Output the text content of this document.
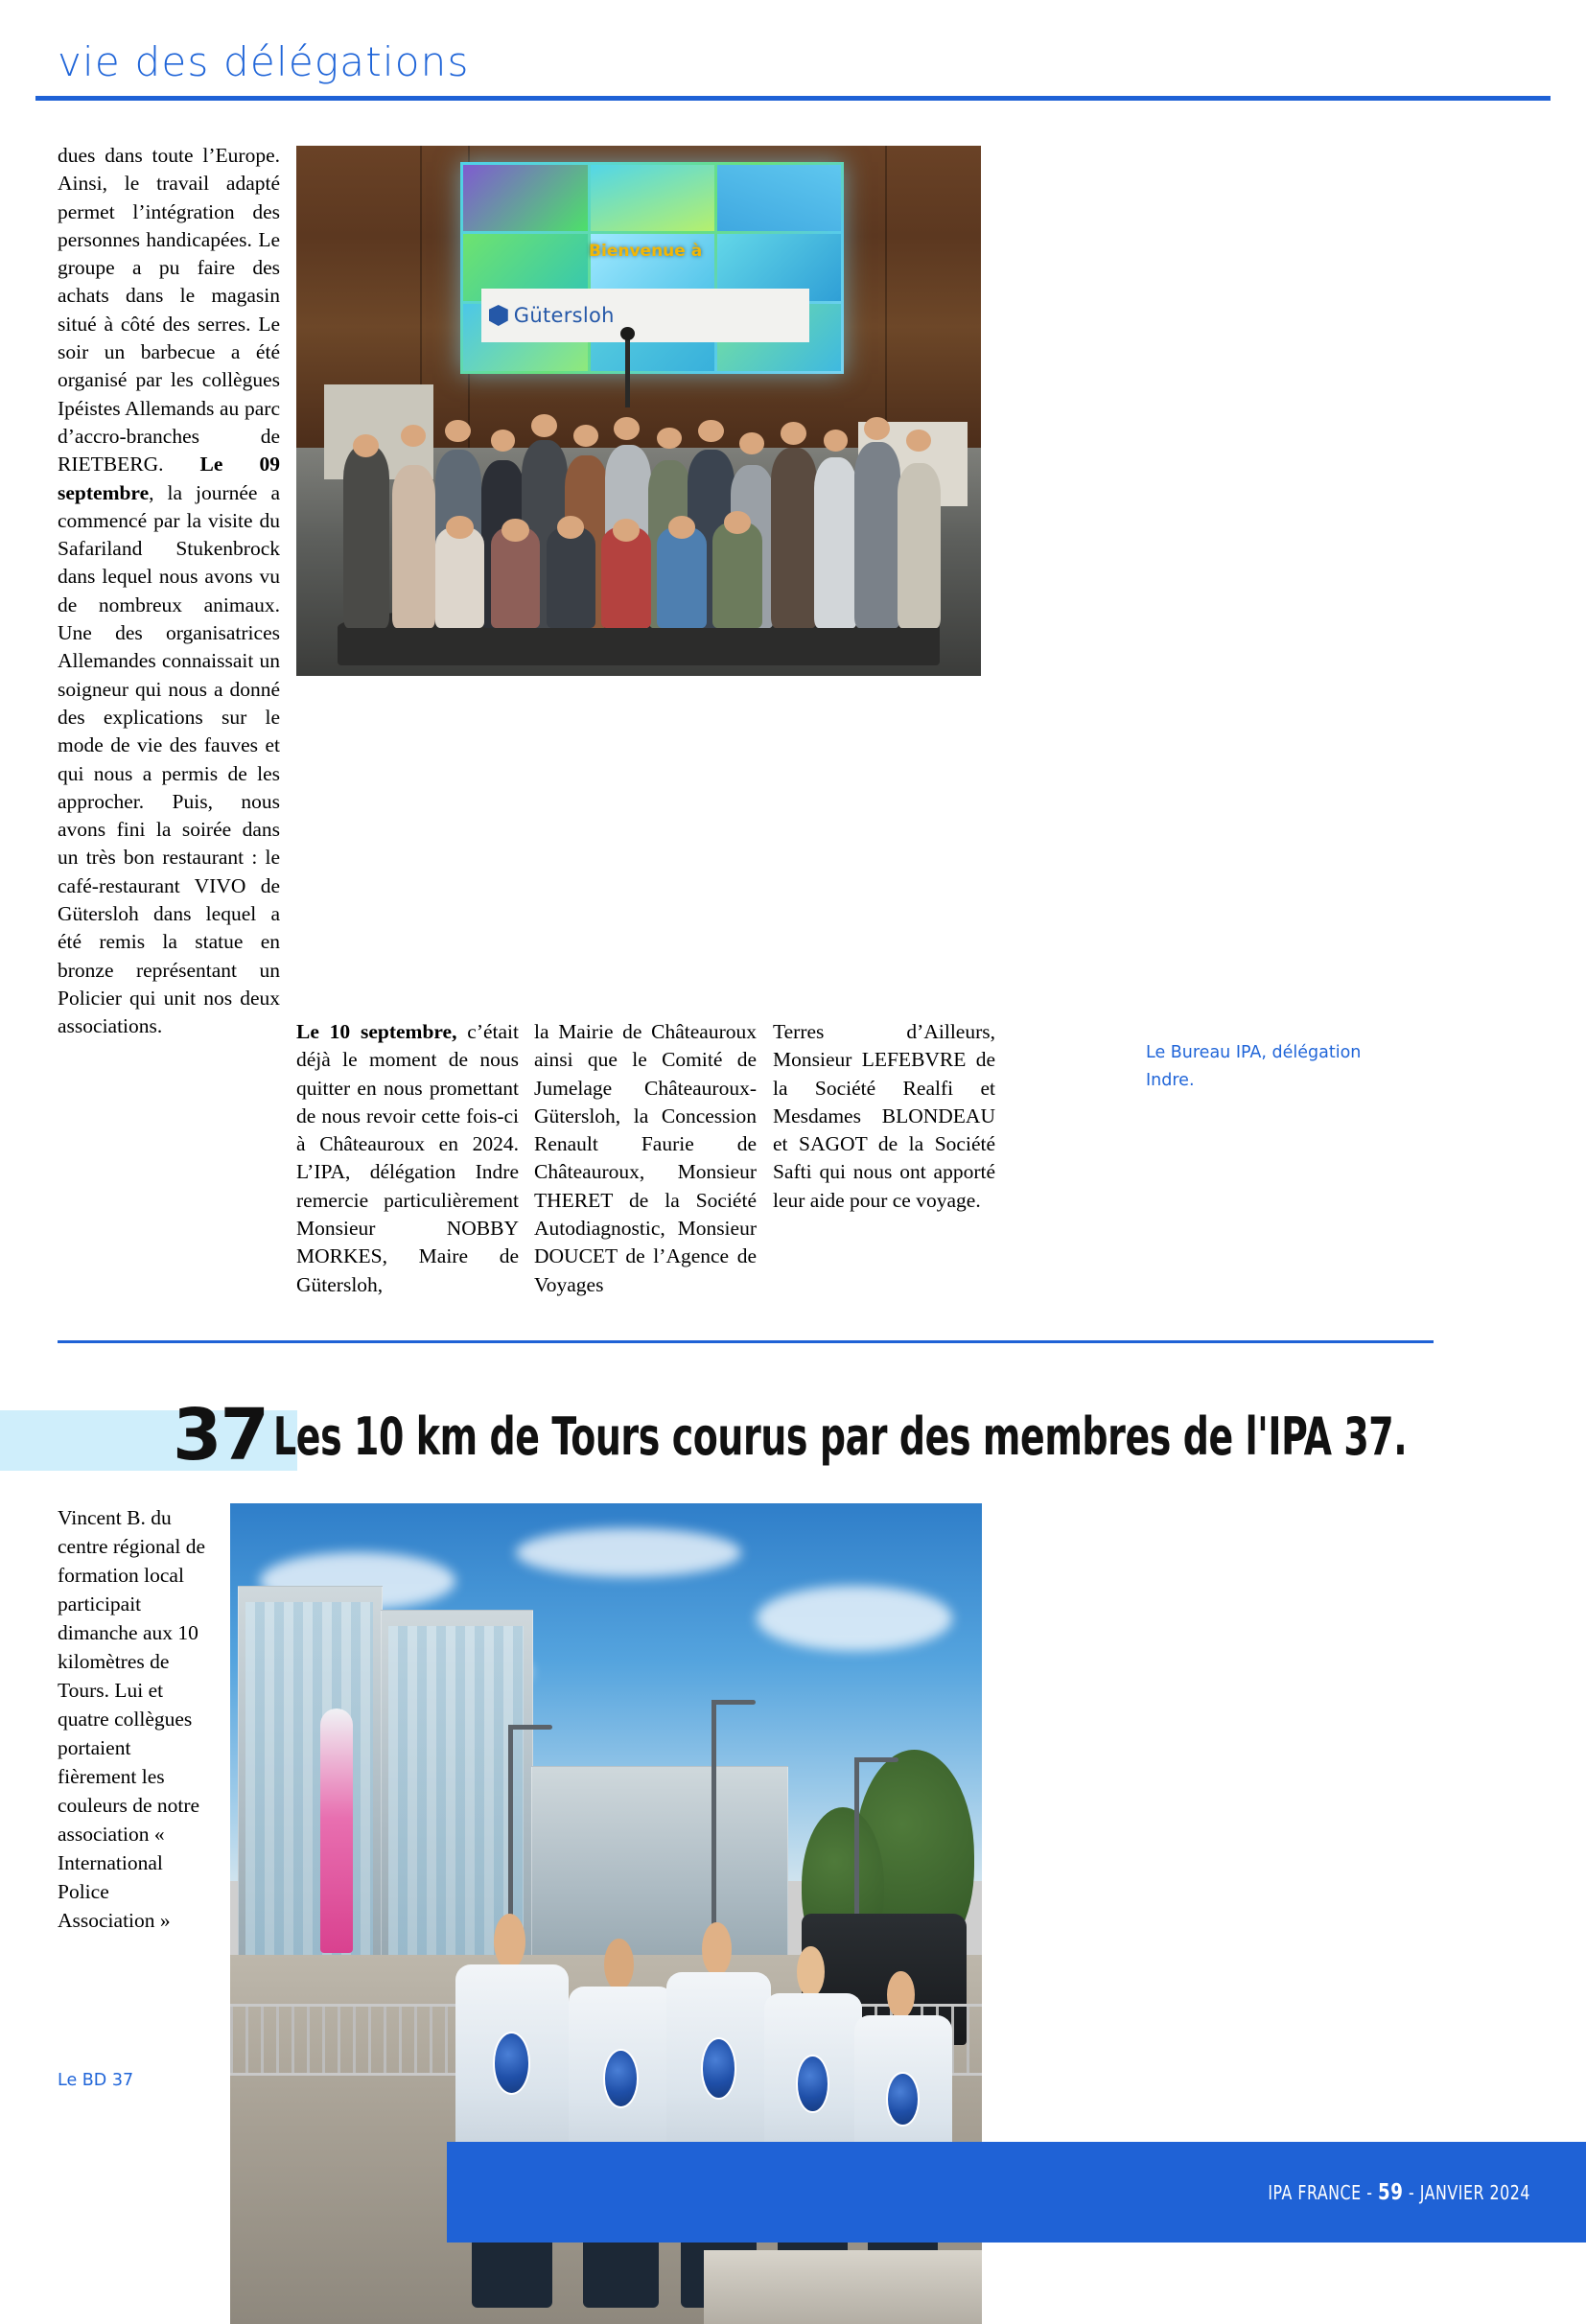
vie des délégations
dues dans toute l’Europe. Ainsi, le travail adapté permet l’intégration des personnes handicapées. Le groupe a pu faire des achats dans le magasin situé à côté des serres. Le soir un barbecue a été organisé par les collègues Ipéistes Allemands au parc d’accro-branches de RIETBERG. Le 09 septembre, la journée a commencé par la visite du Safariland Stukenbrock dans lequel nous avons vu de nombreux animaux. Une des organisatrices Allemandes connaissait un soigneur qui nous a donné des explications sur le mode de vie des fauves et qui nous a permis de les approcher. Puis, nous avons fini la soirée dans un très bon restaurant : le café-restaurant VIVO de Gütersloh dans lequel a été remis la statue en bronze représentant un Policier qui unit nos deux associations.
Bienvenue à
Gütersloh
Le 10 septembre, c’était déjà le moment de nous quitter en nous promettant de nous revoir cette fois-ci à Châteauroux en 2024. L’IPA, délégation Indre remercie particulièrement Monsieur NOBBY MORKES, Maire de Gütersloh,
la Mairie de Châteauroux ainsi que le Comité de Jumelage Châteauroux-Gütersloh, la Concession Renault Faurie de Châteauroux, Monsieur THERET de la Société Autodiagnostic, Monsieur DOUCET de l’Agence de Voyages
Terres d’Ailleurs, Monsieur LEFEBVRE de la Société Realfi et Mesdames BLONDEAU et SAGOT de la Société Safti qui nous ont apporté leur aide pour ce voyage.
Le Bureau IPA, délégation Indre.
37 Les 10 km de Tours courus par des membres de l'IPA 37.
Vincent B. du centre régional de formation local participait dimanche aux 10 kilomètres de Tours. Lui et quatre collègues portaient fièrement les couleurs de notre association « International Police Association »
Le BD 37
IPA FRANCE - 59 - JANVIER 2024
